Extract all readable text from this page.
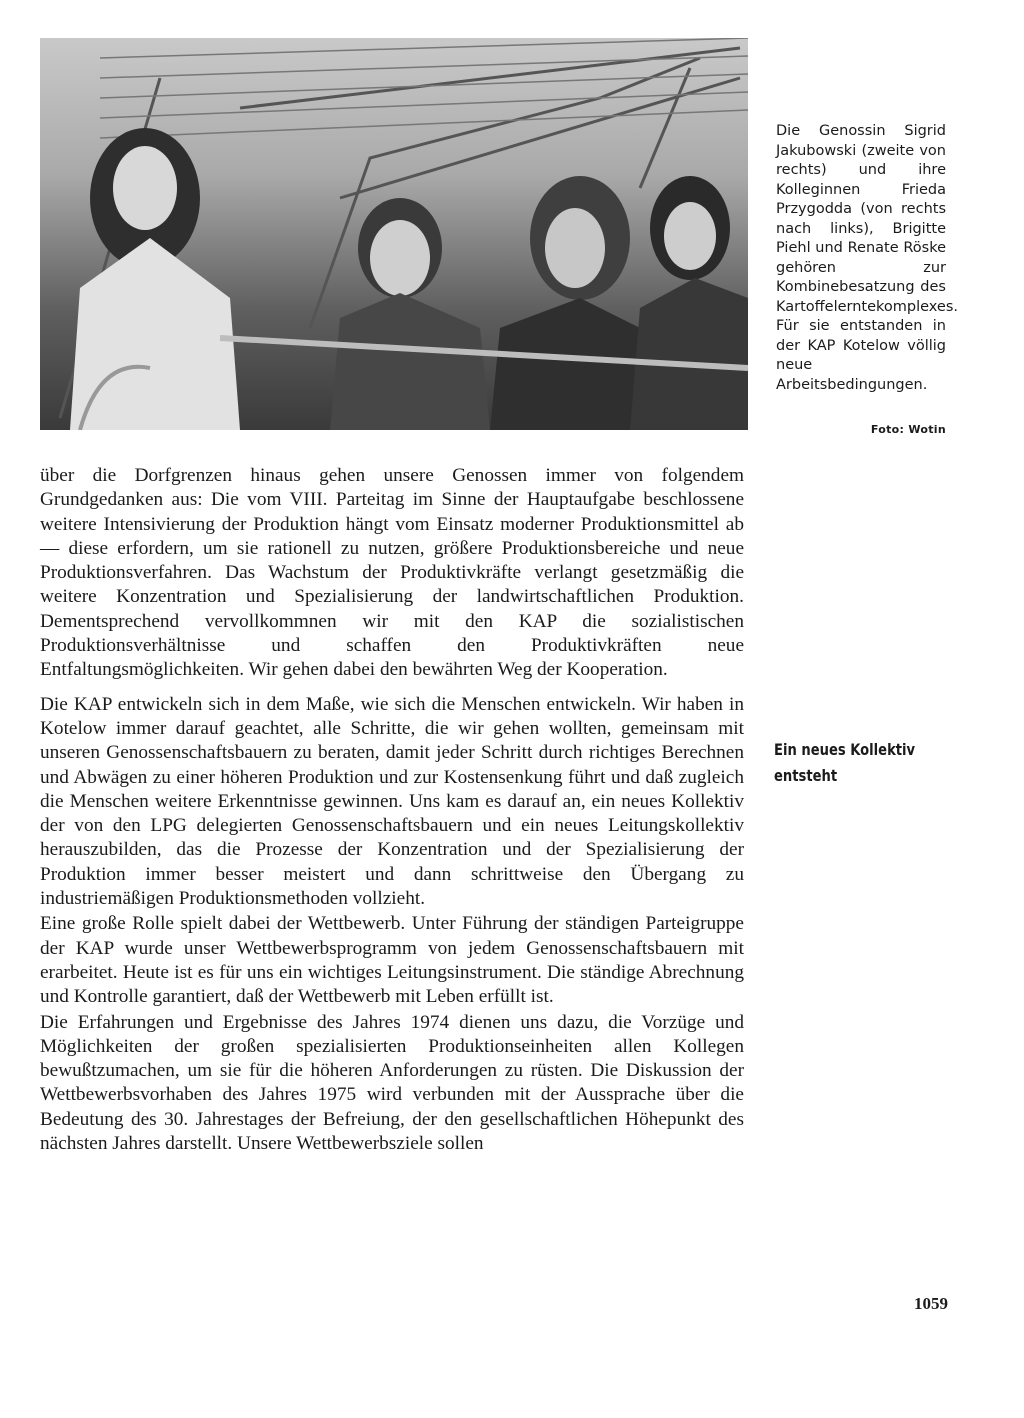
Die Genossin Sigrid Jakubowski (zweite von rechts) und ihre Kolleginnen Frieda Przygodda (von rechts nach links), Brigitte Piehl und Renate Röske gehören zur Kombinebesatzung des Kartoffelerntekomplexes. Für sie entstanden in der KAP Kotelow völlig neue Arbeitsbedingungen.

Foto: Wotin

über die Dorfgrenzen hinaus gehen unsere Genossen immer von folgendem Grundgedanken aus: Die vom VIII. Parteitag im Sinne der Hauptaufgabe beschlossene weitere Intensivierung der Produktion hängt vom Einsatz moderner Produktionsmittel ab — diese erfordern, um sie rationell zu nutzen, größere Produktionsbereiche und neue Produktionsverfahren. Das Wachstum der Produktivkräfte verlangt gesetzmäßig die weitere Konzentration und Spezialisierung der landwirtschaftlichen Produktion. Dementsprechend vervollkommnen wir mit den KAP die sozialistischen Produktionsverhältnisse und schaffen den Produktivkräften neue Entfaltungsmöglichkeiten. Wir gehen dabei den bewährten Weg der Kooperation.

Die KAP entwickeln sich in dem Maße, wie sich die Menschen entwickeln. Wir haben in Kotelow immer darauf geachtet, alle Schritte, die wir gehen wollten, gemeinsam mit unseren Genossenschaftsbauern zu beraten, damit jeder Schritt durch richtiges Berechnen und Abwägen zu einer höheren Produktion und zur Kostensenkung führt und daß zugleich die Menschen weitere Erkenntnisse gewinnen. Uns kam es darauf an, ein neues Kollektiv der von den LPG delegierten Genossenschaftsbauern und ein neues Leitungskollektiv herauszubilden, das die Prozesse der Konzentration und der Spezialisierung der Produktion immer besser meistert und dann schrittweise den Übergang zu industriemäßigen Produktionsmethoden vollzieht.

Eine große Rolle spielt dabei der Wettbewerb. Unter Führung der ständigen Parteigruppe der KAP wurde unser Wettbewerbsprogramm von jedem Genossenschaftsbauern mit erarbeitet. Heute ist es für uns ein wichtiges Leitungsinstrument. Die ständige Abrechnung und Kontrolle garantiert, daß der Wettbewerb mit Leben erfüllt ist.

Die Erfahrungen und Ergebnisse des Jahres 1974 dienen uns dazu, die Vorzüge und Möglichkeiten der großen spezialisierten Produktionseinheiten allen Kollegen bewußtzumachen, um sie für die höheren Anforderungen zu rüsten. Die Diskussion der Wettbewerbsvorhaben des Jahres 1975 wird verbunden mit der Aussprache über die Bedeutung des 30. Jahrestages der Befreiung, der den gesellschaftlichen Höhepunkt des nächsten Jahres darstellt. Unsere Wettbewerbsziele sollen

Ein neues Kollektiv entsteht

1059
